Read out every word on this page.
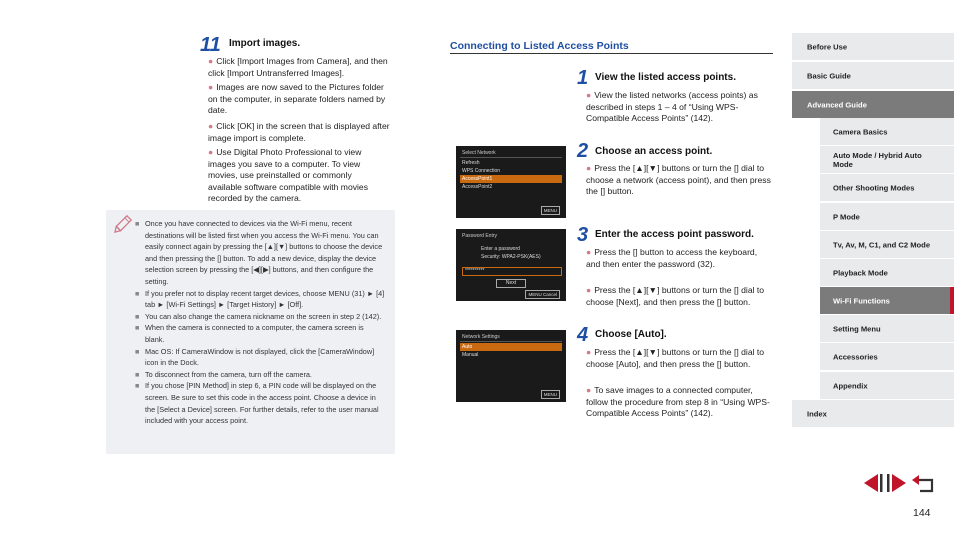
11 Import images.
● Click [Import Images from Camera], and then click [Import Untransferred Images].
● Images are now saved to the Pictures folder on the computer, in separate folders named by date.
● Click [OK] in the screen that is displayed after image import is complete.
● Use Digital Photo Professional to view images you save to a computer. To view movies, use preinstalled or commonly available software compatible with movies recorded by the camera.
■ Once you have connected to devices via the Wi-Fi menu, recent destinations will be listed first when you access the Wi-Fi menu. You can easily connect again by pressing the [▲][▼] buttons to choose the device and then pressing the [] button. To add a new device, display the device selection screen by pressing the [◀][▶] buttons, and then configure the setting.
■ If you prefer not to display recent target devices, choose MENU (31) ► [4] tab ► [Wi-Fi Settings] ► [Target History] ► [Off].
■ You can also change the camera nickname on the screen in step 2 (142).
■ When the camera is connected to a computer, the camera screen is blank.
■ Mac OS: If CameraWindow is not displayed, click the [CameraWindow] icon in the Dock.
■ To disconnect from the camera, turn off the camera.
■ If you chose [PIN Method] in step 6, a PIN code will be displayed on the screen. Be sure to set this code in the access point. Choose a device in the [Select a Device] screen. For further details, refer to the user manual included with your access point.
Connecting to Listed Access Points
Select Network
Refresh
WPS Connection
AccessPoint1
AccessPoint2
MENU
Password Entry
Enter a password
Security: WPA2-PSK(AES)
**********
Next
MENU Cancel
Network Settings
Auto
Manual
MENU
1 View the listed access points.
● View the listed networks (access points) as described in steps 1 – 4 of “Using WPS-Compatible Access Points” (142).
2 Choose an access point.
● Press the [▲][▼] buttons or turn the [] dial to choose a network (access point), and then press the [] button.
3 Enter the access point password.
● Press the [] button to access the keyboard, and then enter the password (32).
● Press the [▲][▼] buttons or turn the [] dial to choose [Next], and then press the [] button.
4 Choose [Auto].
● Press the [▲][▼] buttons or turn the [] dial to choose [Auto], and then press the [] button.
● To save images to a connected computer, follow the procedure from step 8 in “Using WPS-Compatible Access Points” (142).
Before Use
Basic Guide
Advanced Guide
Camera Basics
Auto Mode / Hybrid Auto Mode
Other Shooting Modes
P Mode
Tv, Av, M, C1, and C2 Mode
Playback Mode
Wi-Fi Functions
Setting Menu
Accessories
Appendix
Index
144
